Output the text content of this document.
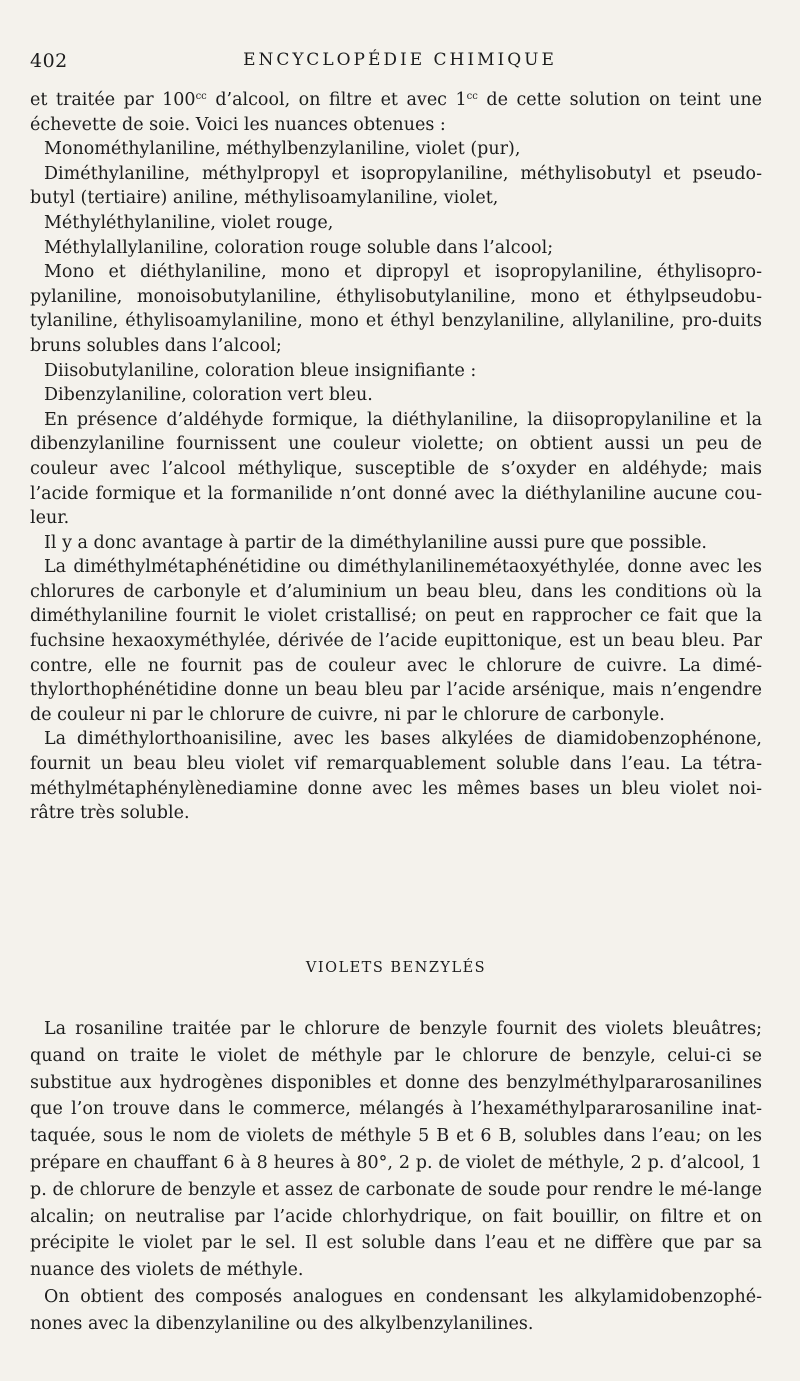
402	ENCYCLOPÉDIE CHIMIQUE

et traitée par $100^{cc}$ d’alcool, on filtre et avec $1^{cc}$ de cette solution on teint une échevette de soie. Voici les nuances obtenues :

Monométhylaniline, méthylbenzylaniline, violet (pur),

Diméthylaniline, méthylpropyl et isopropylaniline, méthylisobutyl et pseudo-butyl (tertiaire) aniline, méthylisoamylaniline, violet,

Méthyléthylaniline, violet rouge,

Méthylallylaniline, coloration rouge soluble dans l’alcool;

Mono et diéthylaniline, mono et dipropyl et isopropylaniline, éthylisopro-pylaniline, monoisobutylaniline, éthylisobutylaniline, mono et éthylpseudobu-tylaniline, éthylisoamylaniline, mono et éthyl benzylaniline, allylaniline, pro-duits bruns solubles dans l’alcool;

Diisobutylaniline, coloration bleue insignifiante :

Dibenzylaniline, coloration vert bleu.

En présence d’aldéhyde formique, la diéthylaniline, la diisopropylaniline et la dibenzylaniline fournissent une couleur violette; on obtient aussi un peu de couleur avec l’alcool méthylique, susceptible de s’oxyder en aldéhyde; mais l’acide formique et la formanilide n’ont donné avec la diéthylaniline aucune cou-leur.

Il y a donc avantage à partir de la diméthylaniline aussi pure que possible.

La diméthylmétaphénétidine ou diméthylanilinemétaoxyéthylée, donne avec les chlorures de carbonyle et d’aluminium un beau bleu, dans les conditions où la diméthylaniline fournit le violet cristallisé; on peut en rapprocher ce fait que la fuchsine hexaoxyméthylée, dérivée de l’acide eupittonique, est un beau bleu. Par contre, elle ne fournit pas de couleur avec le chlorure de cuivre. La dimé-thylorthophénétidine donne un beau bleu par l’acide arsénique, mais n’engendre de couleur ni par le chlorure de cuivre, ni par le chlorure de carbonyle.

La diméthylorthoanisiline, avec les bases alkylées de diamidobenzophénone, fournit un beau bleu violet vif remarquablement soluble dans l’eau. La tétra-méthylmétaphénylènediamine donne avec les mêmes bases un bleu violet noi-râtre très soluble.

VIOLETS BENZYLÉS

La rosaniline traitée par le chlorure de benzyle fournit des violets bleuâtres; quand on traite le violet de méthyle par le chlorure de benzyle, celui-ci se substitue aux hydrogènes disponibles et donne des benzylméthylpararosanilines que l’on trouve dans le commerce, mélangés à l’hexaméthylpararosaniline inat-taquée, sous le nom de violets de méthyle 5 B et 6 B, solubles dans l’eau; on les prépare en chauffant 6 à 8 heures à 80°, 2 p. de violet de méthyle, 2 p. d’alcool, 1 p. de chlorure de benzyle et assez de carbonate de soude pour rendre le mé-lange alcalin; on neutralise par l’acide chlorhydrique, on fait bouillir, on filtre et on précipite le violet par le sel. Il est soluble dans l’eau et ne diffère que par sa nuance des violets de méthyle.

On obtient des composés analogues en condensant les alkylamidobenzophé-nones avec la dibenzylaniline ou des alkylbenzylanilines.
